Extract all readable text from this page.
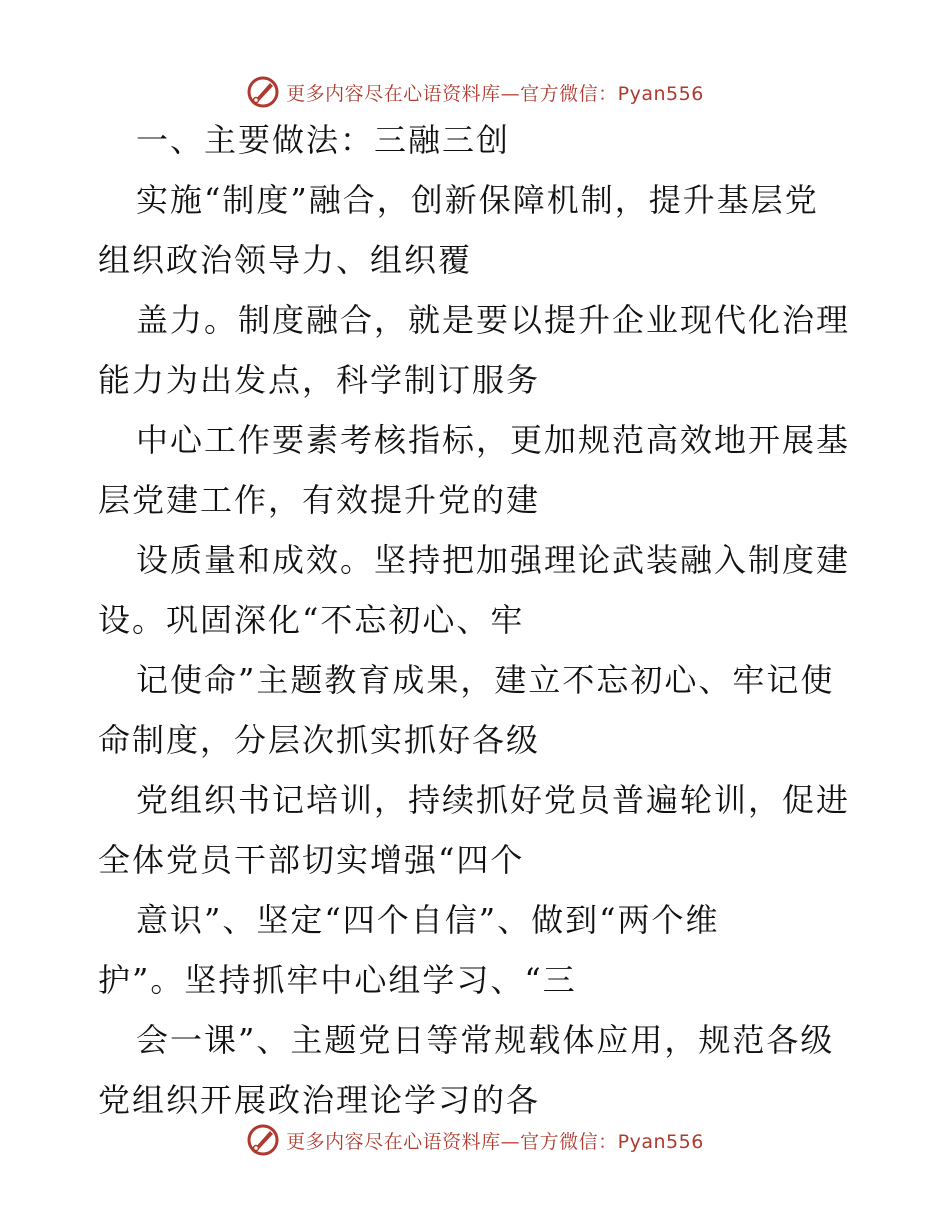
更多内容尽在心语资料库—官方微信：Pyan556
一、主要做法：三融三创
实施“制度”融合，创新保障机制，提升基层党
组织政治领导力、组织覆
盖力。制度融合，就是要以提升企业现代化治理
能力为出发点，科学制订服务
中心工作要素考核指标，更加规范高效地开展基
层党建工作，有效提升党的建
设质量和成效。坚持把加强理论武装融入制度建
设。巩固深化“不忘初心、牢
记使命”主题教育成果，建立不忘初心、牢记使
命制度，分层次抓实抓好各级
党组织书记培训，持续抓好党员普遍轮训，促进
全体党员干部切实增强“四个
意识”、坚定“四个自信”、做到“两个维
护”。坚持抓牢中心组学习、“三
会一课”、主题党日等常规载体应用，规范各级
党组织开展政治理论学习的各
更多内容尽在心语资料库—官方微信：Pyan556
